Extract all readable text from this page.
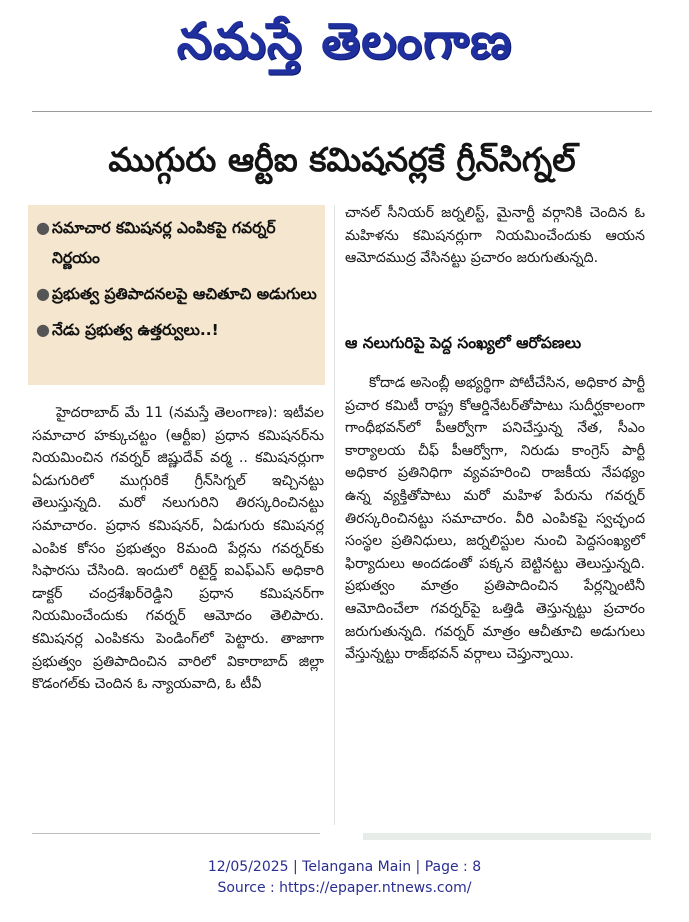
నమస్తే తెలంగాణ
ముగ్గురు ఆర్టీఐ కమిషనర్లకే గ్రీన్‌సిగ్నల్
● సమాచార కమిషనర్ల ఎంపికపై గవర్నర్ నిర్ణయం
● ప్రభుత్వ ప్రతిపాదనలపై ఆచితూచి అడుగులు
● నేడు ప్రభుత్వ ఉత్తర్వులు..!

హైదరాబాద్ మే 11 (నమస్తే తెలంగాణ): ఇటీవల సమాచార హక్కుచట్టం (ఆర్టీఐ) ప్రధాన కమిషనర్‌ను నియమించిన గవర్నర్ జిష్ణుదేవ్ వర్మ .. కమిషనర్లుగా ఏడుగురిలో ముగ్గురికే గ్రీన్‌సిగ్నల్ ఇచ్చినట్టు తెలుస్తున్నది. మరో నలుగురిని తిరస్కరించినట్టు సమాచారం. ప్రధాన కమిషనర్, ఏడుగురు కమిషనర్ల ఎంపిక కోసం ప్రభుత్వం 8మంది పేర్లను గవర్నర్‌కు సిఫారసు చేసింది. ఇందులో రిటైర్డ్ ఐఎఫ్‌ఎస్ అధికారి డాక్టర్ చంద్రశేఖర్‌రెడ్డిని ప్రధాన కమిషనర్‌గా నియమించేందుకు గవర్నర్ ఆమోదం తెలిపారు. కమిషనర్ల ఎంపికను పెండింగ్‌లో పెట్టారు. తాజాగా ప్రభుత్వం ప్రతిపాదించిన వారిలో వికారాబాద్ జిల్లా కొడంగల్‌కు చెందిన ఓ న్యాయవాది, ఓ టీవీ

చానల్ సీనియర్ జర్నలిస్ట్, మైనార్టీ వర్గానికి చెందిన ఓ మహిళను కమిషనర్లుగా నియమించేందుకు ఆయన ఆమోదముద్ర వేసినట్టు ప్రచారం జరుగుతున్నది.

ఆ నలుగురిపై పెద్ద సంఖ్యలో ఆరోపణలు

కోదాడ అసెంబ్లీ అభ్యర్థిగా పోటీచేసిన, అధికార పార్టీ ప్రచార కమిటీ రాష్ట్ర కోఆర్డినేటర్‌తోపాటు సుదీర్ఘకాలంగా గాంధీభవన్‌లో పీఆర్వోగా పనిచేస్తున్న నేత, సీఎం కార్యాలయ చీఫ్ పీఆర్వోగా, నిరుడు కాంగ్రెస్ పార్టీ అధికార ప్రతినిధిగా వ్యవహరించి రాజకీయ నేపథ్యం ఉన్న వ్యక్తితోపాటు మరో మహిళ పేరును గవర్నర్ తిరస్కరించినట్టు సమాచారం. వీరి ఎంపికపై స్వచ్ఛంద సంస్థల ప్రతినిధులు, జర్నలిస్టుల నుంచి పెద్దసంఖ్యలో ఫిర్యాదులు అందడంతో పక్కన బెట్టినట్టు తెలుస్తున్నది. ప్రభుత్వం మాత్రం ప్రతిపాదించిన పేర్లన్నింటినీ ఆమోదించేలా గవర్నర్‌పై ఒత్తిడి తెస్తున్నట్టు ప్రచారం జరుగుతున్నది. గవర్నర్ మాత్రం ఆచీతూచి అడుగులు వేస్తున్నట్టు రాజ్‌భవన్ వర్గాలు చెప్తున్నాయి.

12/05/2025 | Telangana Main | Page : 8
Source : https://epaper.ntnews.com/
